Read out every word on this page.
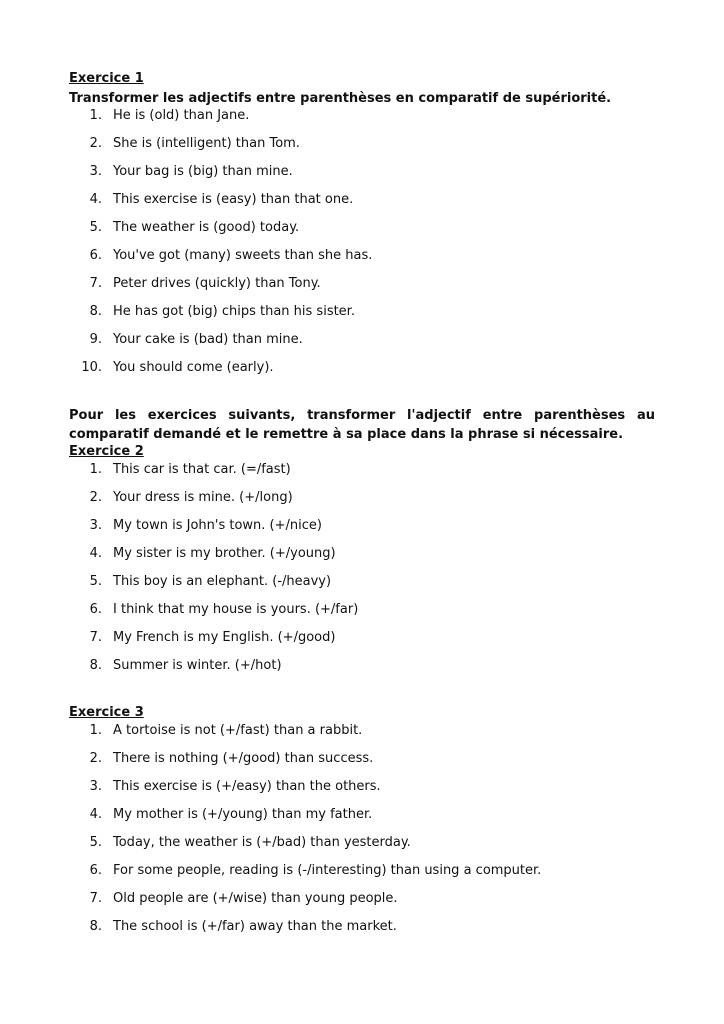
Exercice 1
Transformer les adjectifs entre parenthèses en comparatif de supériorité.
1. He is (old) than Jane.
2. She is (intelligent) than Tom.
3. Your bag is (big) than mine.
4. This exercise is (easy) than that one.
5. The weather is (good) today.
6. You've got (many) sweets than she has.
7. Peter drives (quickly) than Tony.
8. He has got (big) chips than his sister.
9. Your cake is (bad) than mine.
10. You should come (early).
Pour les exercices suivants, transformer l'adjectif entre parenthèses au comparatif demandé et le remettre à sa place dans la phrase si nécessaire.
Exercice 2
1. This car is that car. (=/fast)
2. Your dress is mine. (+/long)
3. My town is John's town. (+/nice)
4. My sister is my brother. (+/young)
5. This boy is an elephant. (-/heavy)
6. I think that my house is yours. (+/far)
7. My French is my English. (+/good)
8. Summer is winter. (+/hot)
Exercice 3
1. A tortoise is not (+/fast) than a rabbit.
2. There is nothing (+/good) than success.
3. This exercise is (+/easy) than the others.
4. My mother is (+/young) than my father.
5. Today, the weather is (+/bad) than yesterday.
6. For some people, reading is (-/interesting) than using a computer.
7. Old people are (+/wise) than young people.
8. The school is (+/far) away than the market.
